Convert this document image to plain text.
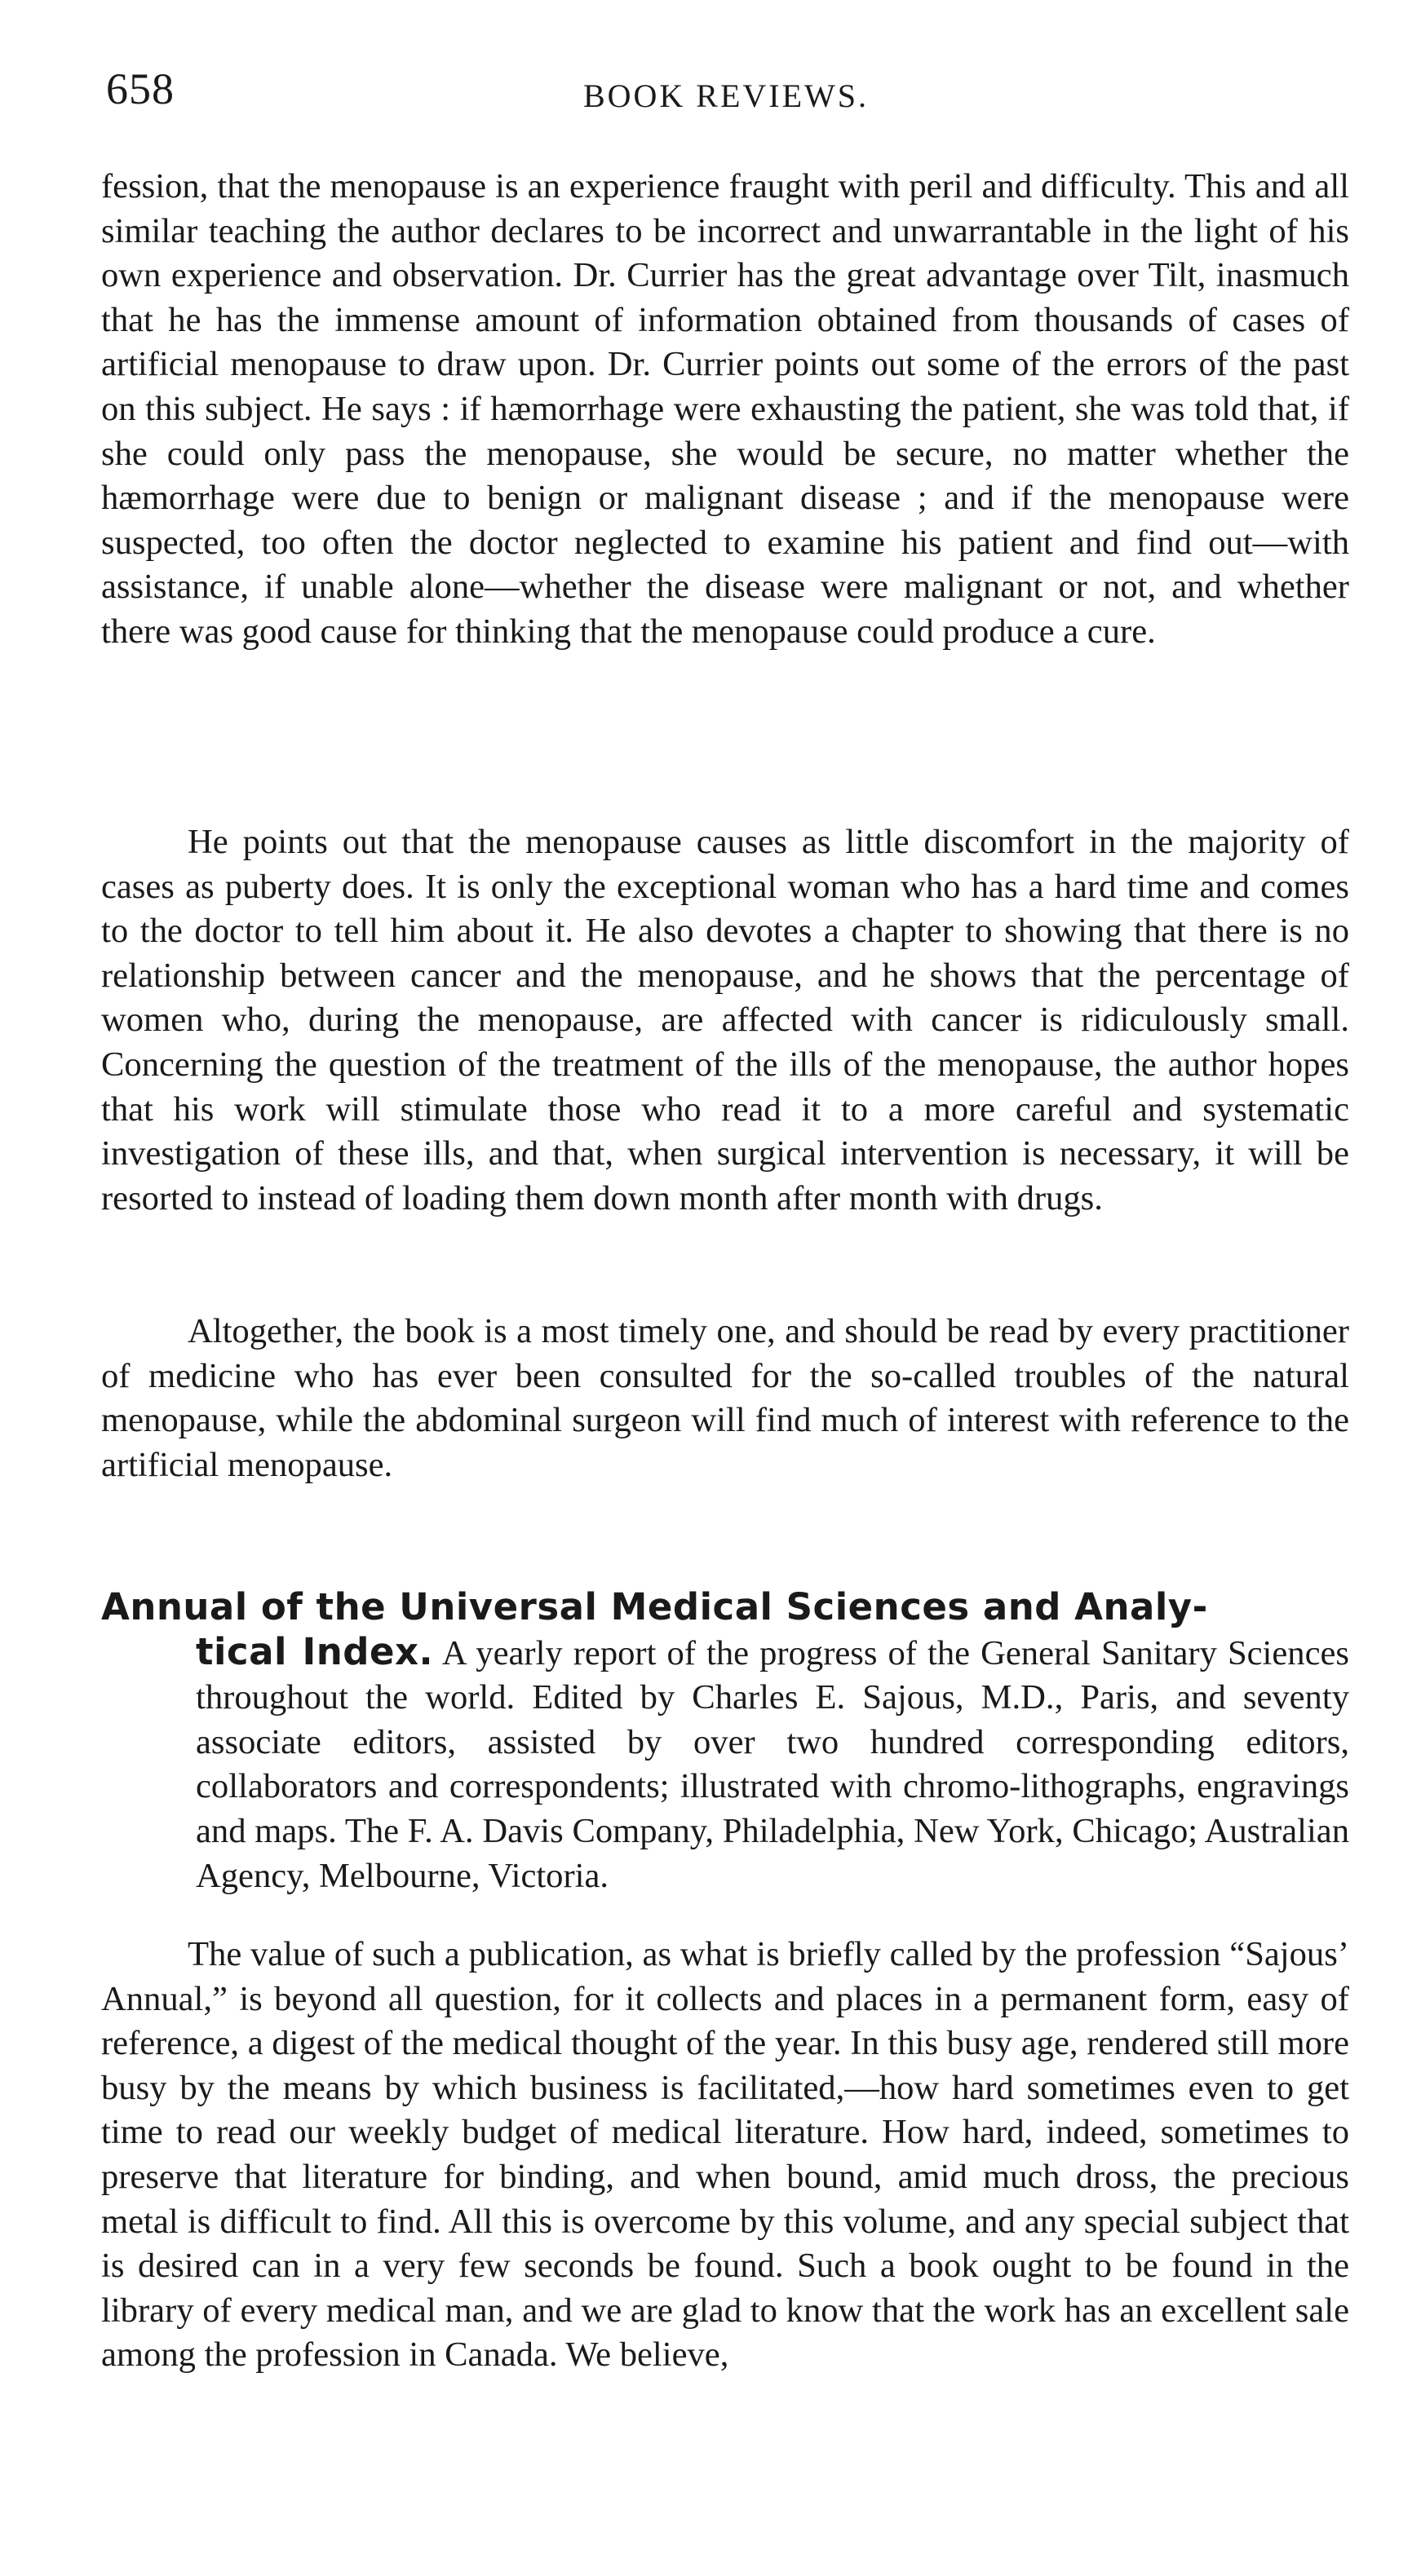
658	BOOK REVIEWS.

fession, that the menopause is an experience fraught with peril and difficulty. This and all similar teaching the author declares to be incorrect and unwarrantable in the light of his own experience and observation. Dr. Currier has the great advantage over Tilt, inasmuch that he has the immense amount of information obtained from thousands of cases of artificial menopause to draw upon. Dr. Currier points out some of the errors of the past on this subject. He says : if hæmorrhage were exhausting the patient, she was told that, if she could only pass the menopause, she would be secure, no matter whether the hæmorrhage were due to benign or malignant disease ; and if the menopause were suspected, too often the doctor neglected to examine his patient and find out—with assistance, if unable alone—whether the disease were malignant or not, and whether there was good cause for thinking that the menopause could produce a cure.

He points out that the menopause causes as little discomfort in the majority of cases as puberty does. It is only the exceptional woman who has a hard time and comes to the doctor to tell him about it. He also devotes a chapter to showing that there is no relationship between cancer and the menopause, and he shows that the percentage of women who, during the menopause, are affected with cancer is ridiculously small. Concerning the question of the treatment of the ills of the menopause, the author hopes that his work will stimulate those who read it to a more careful and systematic investigation of these ills, and that, when surgical intervention is necessary, it will be resorted to instead of loading them down month after month with drugs.

Altogether, the book is a most timely one, and should be read by every practitioner of medicine who has ever been consulted for the so-called troubles of the natural menopause, while the abdominal surgeon will find much of interest with reference to the artificial menopause.

Annual of the Universal Medical Sciences and Analy-
tical Index. A yearly report of the progress of the General Sanitary Sciences throughout the world. Edited by Charles E. Sajous, M.D., Paris, and seventy associate editors, assisted by over two hundred corresponding editors, collaborators and correspondents; illustrated with chromo-lithographs, engravings and maps. The F. A. Davis Company, Philadelphia, New York, Chicago; Australian Agency, Melbourne, Victoria.

The value of such a publication, as what is briefly called by the profession “Sajous’ Annual,” is beyond all question, for it collects and places in a permanent form, easy of reference, a digest of the medical thought of the year. In this busy age, rendered still more busy by the means by which business is facilitated,—how hard sometimes even to get time to read our weekly budget of medical literature. How hard, indeed, sometimes to preserve that literature for binding, and when bound, amid much dross, the precious metal is difficult to find. All this is overcome by this volume, and any special subject that is desired can in a very few seconds be found. Such a book ought to be found in the library of every medical man, and we are glad to know that the work has an excellent sale among the profession in Canada. We believe,
